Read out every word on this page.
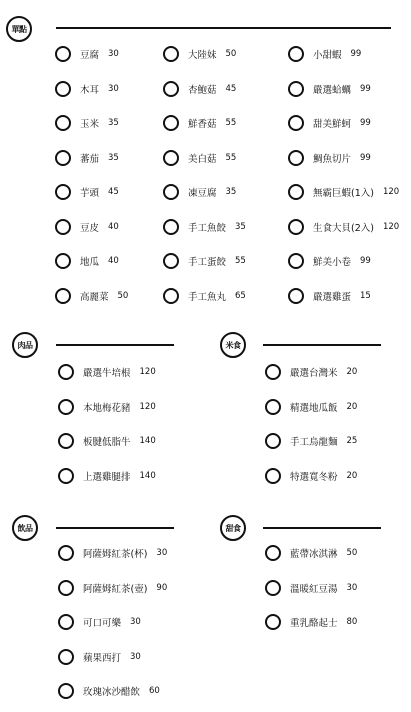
單點
肉品	米食
飲品	甜食
豆腐 30
木耳 30
玉米 35
蕃茄 35
芋頭 45
豆皮 40
地瓜 40
高麗菜 50
大陸妹 50
杏鮑菇 45
鮮香菇 55
美白菇 55
凍豆腐 35
手工魚餃 35
手工蛋餃 55
手工魚丸 65
小甜蝦 99
嚴選蛤蠣 99
甜美鮮蚵 99
鯛魚切片 99
無霸巨蝦(1入) 120
生食大貝(2入) 120
鮮美小卷 99
嚴選雞蛋 15
嚴選牛培根 120
本地梅花豬 120
板腱低脂牛 140
上選雞腿排 140
嚴選台灣米 20
精選地瓜飯 20
手工烏龍麵 25
特選寬冬粉 20
阿薩姆紅茶(杯) 30
阿薩姆紅茶(壺) 90
可口可樂 30
蘋果西打 30
玫瑰冰沙醋飲 60
藍帶冰淇淋 50
溫暖紅豆湯 30
重乳酪起士 80
